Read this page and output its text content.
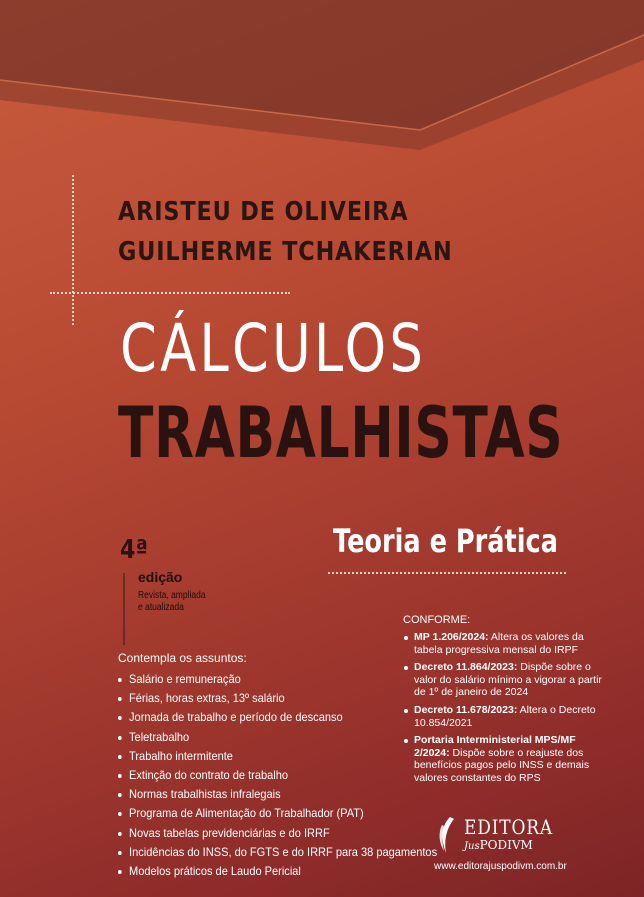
ARISTEU DE OLIVEIRA
GUILHERME TCHAKERIAN
CÁLCULOS
TRABALHISTAS
Teoria e Prática
4ª
edição
Revista, ampliada
e atualizada
Contempla os assuntos:
Salário e remuneração
Férias, horas extras, 13º salário
Jornada de trabalho e período de descanso
Teletrabalho
Trabalho intermitente
Extinção do contrato de trabalho
Normas trabalhistas infralegais
Programa de Alimentação do Trabalhador (PAT)
Novas tabelas previdenciárias e do IRRF
Incidências do INSS, do FGTS e do IRRF para 38 pagamentos
Modelos práticos de Laudo Pericial
CONFORME:
MP 1.206/2024: Altera os valores da tabela progressiva mensal do IRPF
Decreto 11.864/2023: Dispõe sobre o valor do salário mínimo a vigorar a partir de 1º de janeiro de 2024
Decreto 11.678/2023: Altera o Decreto 10.854/2021
Portaria Interministerial MPS/MF 2/2024: Dispõe sobre o reajuste dos benefícios pagos pelo INSS e demais valores constantes do RPS
EDITORA
JusPODIVM
www.editorajuspodivm.com.br
